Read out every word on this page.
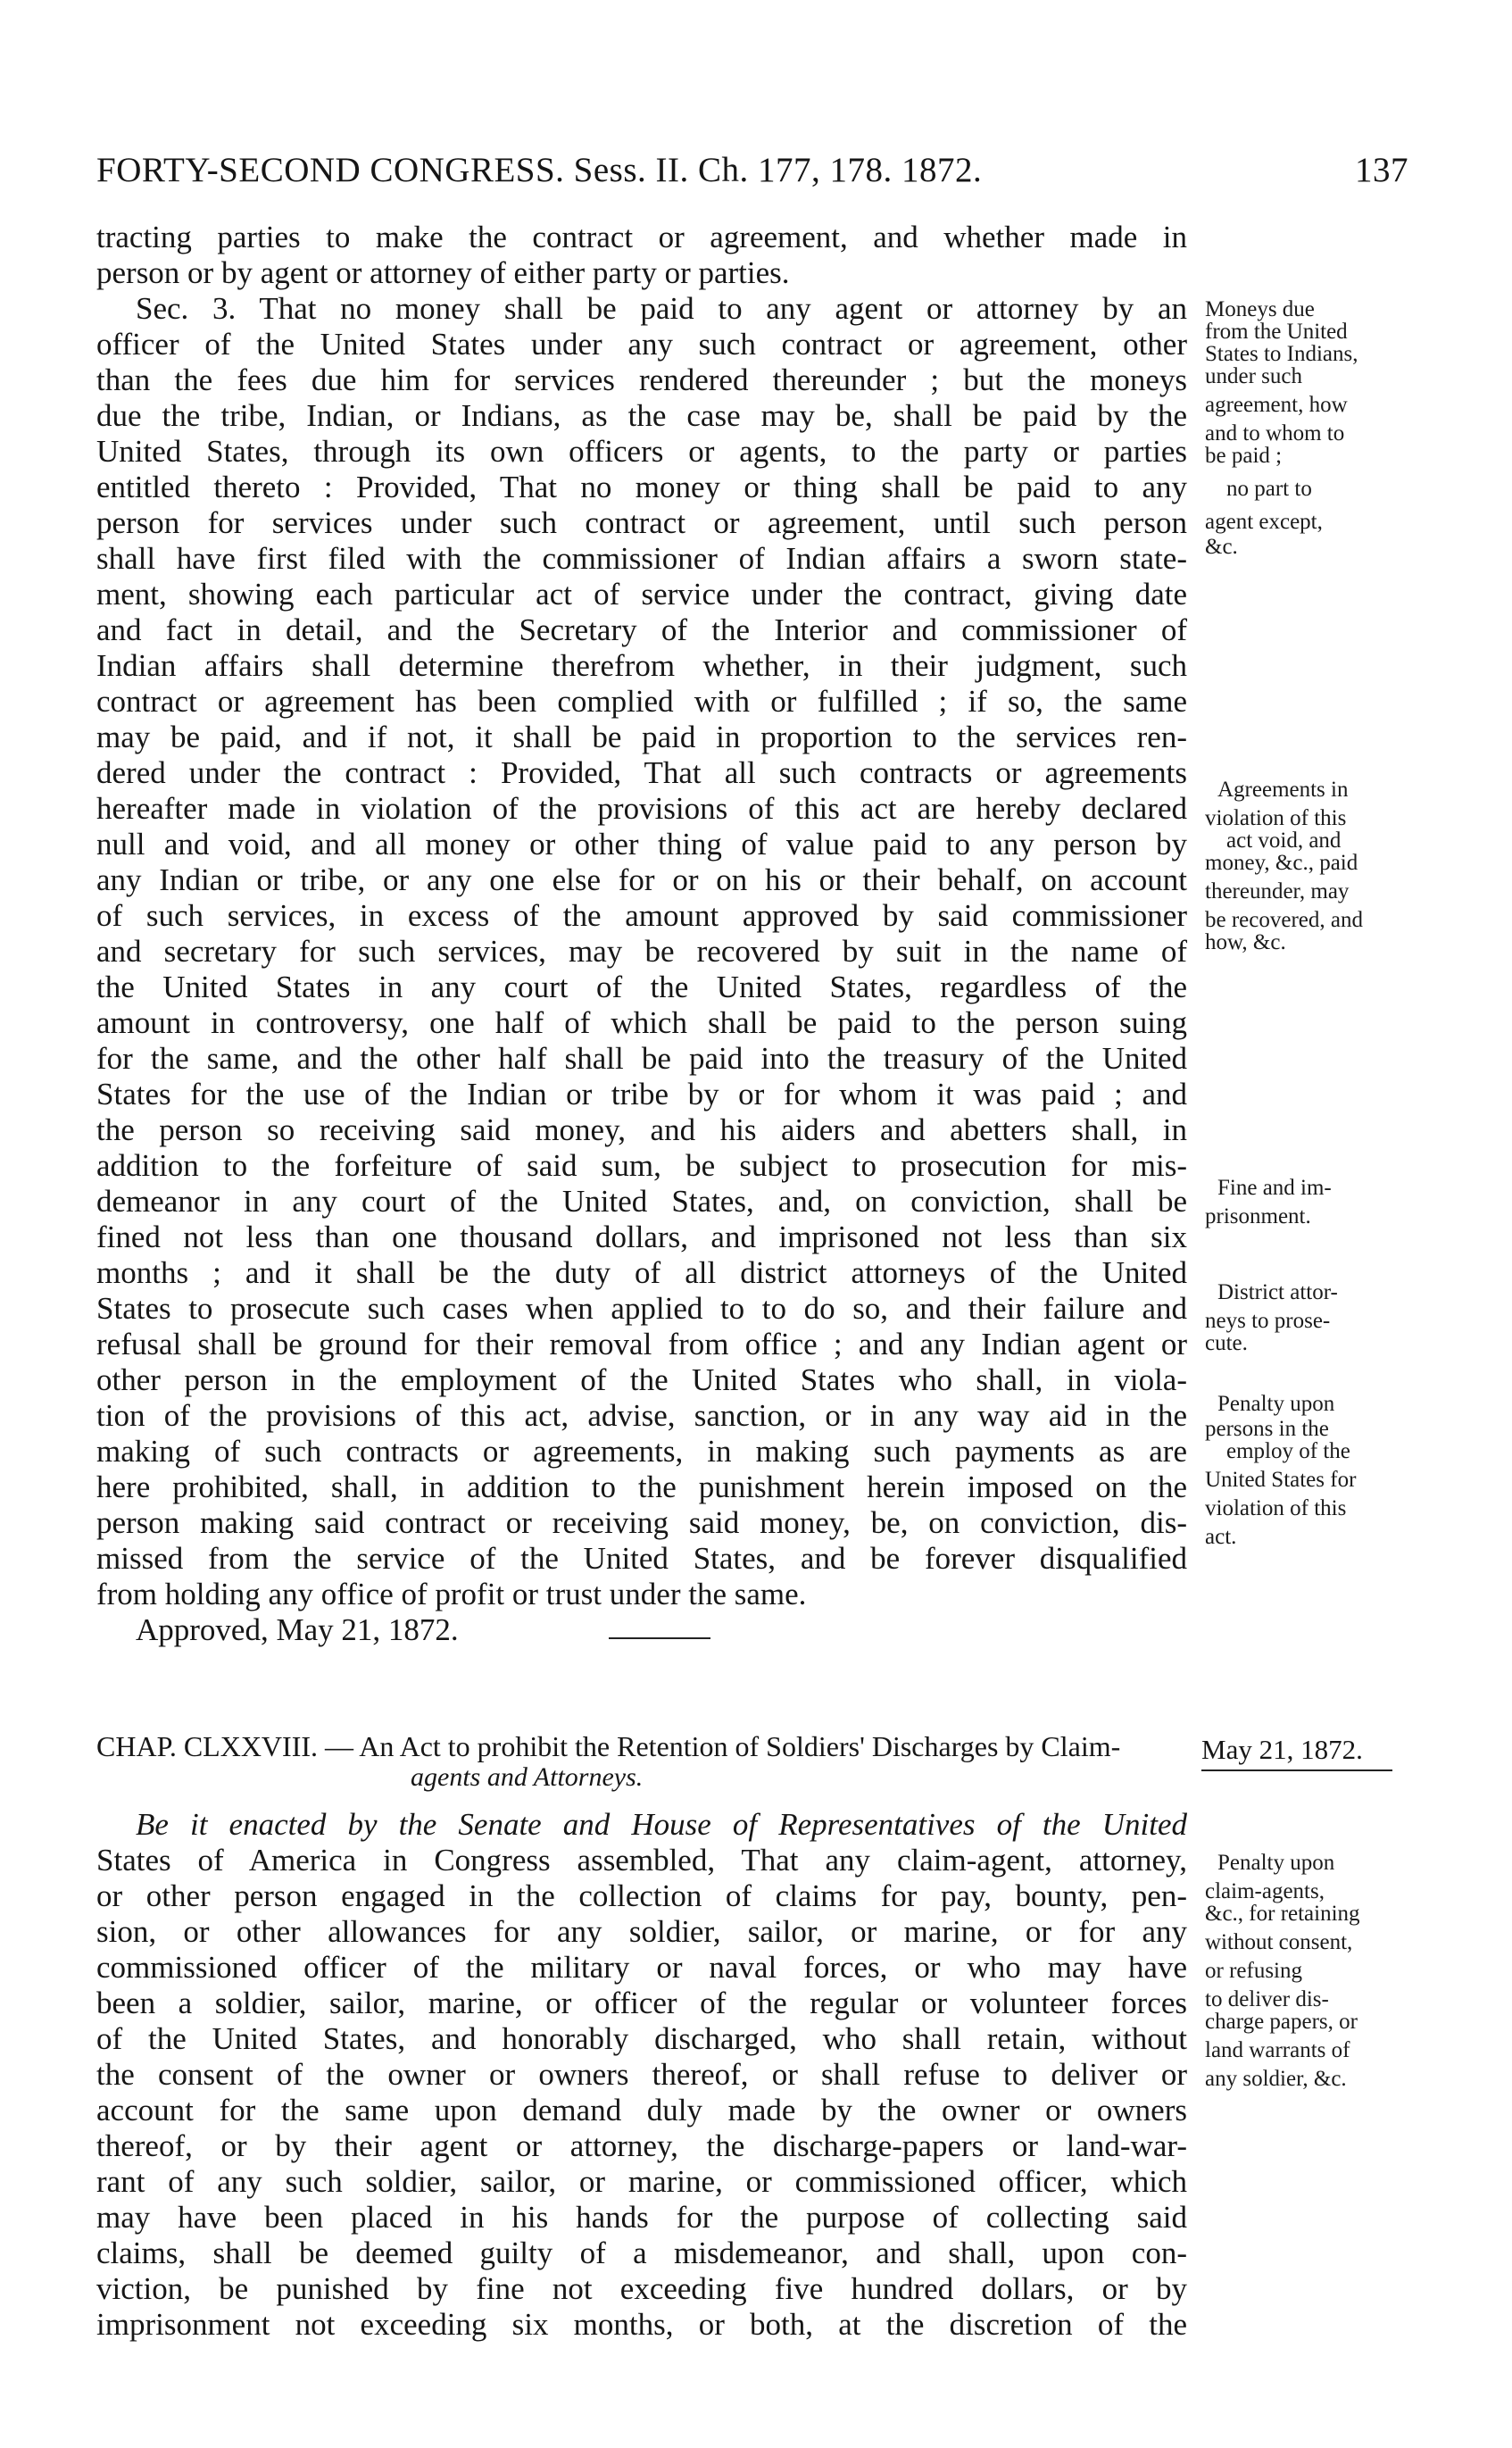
FORTY-SECOND CONGRESS. Sess. II. Ch. 177, 178. 1872.	137
tracting parties to make the contract or agreement, and whether made in
person or by agent or attorney of either party or parties.
Sec. 3. That no money shall be paid to any agent or attorney by an
officer of the United States under any such contract or agreement, other
than the fees due him for services rendered thereunder ; but the moneys
due the tribe, Indian, or Indians, as the case may be, shall be paid by the
United States, through its own officers or agents, to the party or parties
entitled thereto : Provided, That no money or thing shall be paid to any
person for services under such contract or agreement, until such person
shall have first filed with the commissioner of Indian affairs a sworn state-
ment, showing each particular act of service under the contract, giving date
and fact in detail, and the Secretary of the Interior and commissioner of
Indian affairs shall determine therefrom whether, in their judgment, such
contract or agreement has been complied with or fulfilled ; if so, the same
may be paid, and if not, it shall be paid in proportion to the services ren-
dered under the contract : Provided, That all such contracts or agreements
hereafter made in violation of the provisions of this act are hereby declared
null and void, and all money or other thing of value paid to any person by
any Indian or tribe, or any one else for or on his or their behalf, on account
of such services, in excess of the amount approved by said commissioner
and secretary for such services, may be recovered by suit in the name of
the United States in any court of the United States, regardless of the
amount in controversy, one half of which shall be paid to the person suing
for the same, and the other half shall be paid into the treasury of the United
States for the use of the Indian or tribe by or for whom it was paid ; and
the person so receiving said money, and his aiders and abetters shall, in
addition to the forfeiture of said sum, be subject to prosecution for mis-
demeanor in any court of the United States, and, on conviction, shall be
fined not less than one thousand dollars, and imprisoned not less than six
months ; and it shall be the duty of all district attorneys of the United
States to prosecute such cases when applied to to do so, and their failure and
refusal shall be ground for their removal from office ; and any Indian agent or
other person in the employment of the United States who shall, in viola-
tion of the provisions of this act, advise, sanction, or in any way aid in the
making of such contracts or agreements, in making such payments as are
here prohibited, shall, in addition to the punishment herein imposed on the
person making said contract or receiving said money, be, on conviction, dis-
missed from the service of the United States, and be forever disqualified
from holding any office of profit or trust under the same.
Approved, May 21, 1872.
Moneys due
from the United
States to Indians,
under such
agreement, how
and to whom to
be paid ;
no part to
agent except,
&c.
Agreements in
violation of this
act void, and
money, &c., paid
thereunder, may
be recovered, and
how, &c.
Fine and im-
prisonment.
District attor-
neys to prose-
cute.
Penalty upon
persons in the
employ of the
United States for
violation of this
act.
CHAP. CLXXVIII. — An Act to prohibit the Retention of Soldiers' Discharges by Claim-
agents and Attorneys.
May 21, 1872.
Be it enacted by the Senate and House of Representatives of the United
States of America in Congress assembled, That any claim-agent, attorney,
or other person engaged in the collection of claims for pay, bounty, pen-
sion, or other allowances for any soldier, sailor, or marine, or for any
commissioned officer of the military or naval forces, or who may have
been a soldier, sailor, marine, or officer of the regular or volunteer forces
of the United States, and honorably discharged, who shall retain, without
the consent of the owner or owners thereof, or shall refuse to deliver or
account for the same upon demand duly made by the owner or owners
thereof, or by their agent or attorney, the discharge-papers or land-war-
rant of any such soldier, sailor, or marine, or commissioned officer, which
may have been placed in his hands for the purpose of collecting said
claims, shall be deemed guilty of a misdemeanor, and shall, upon con-
viction, be punished by fine not exceeding five hundred dollars, or by
imprisonment not exceeding six months, or both, at the discretion of the
Penalty upon
claim-agents,
&c., for retaining
without consent,
or refusing
to deliver dis-
charge papers, or
land warrants of
any soldier, &c.
